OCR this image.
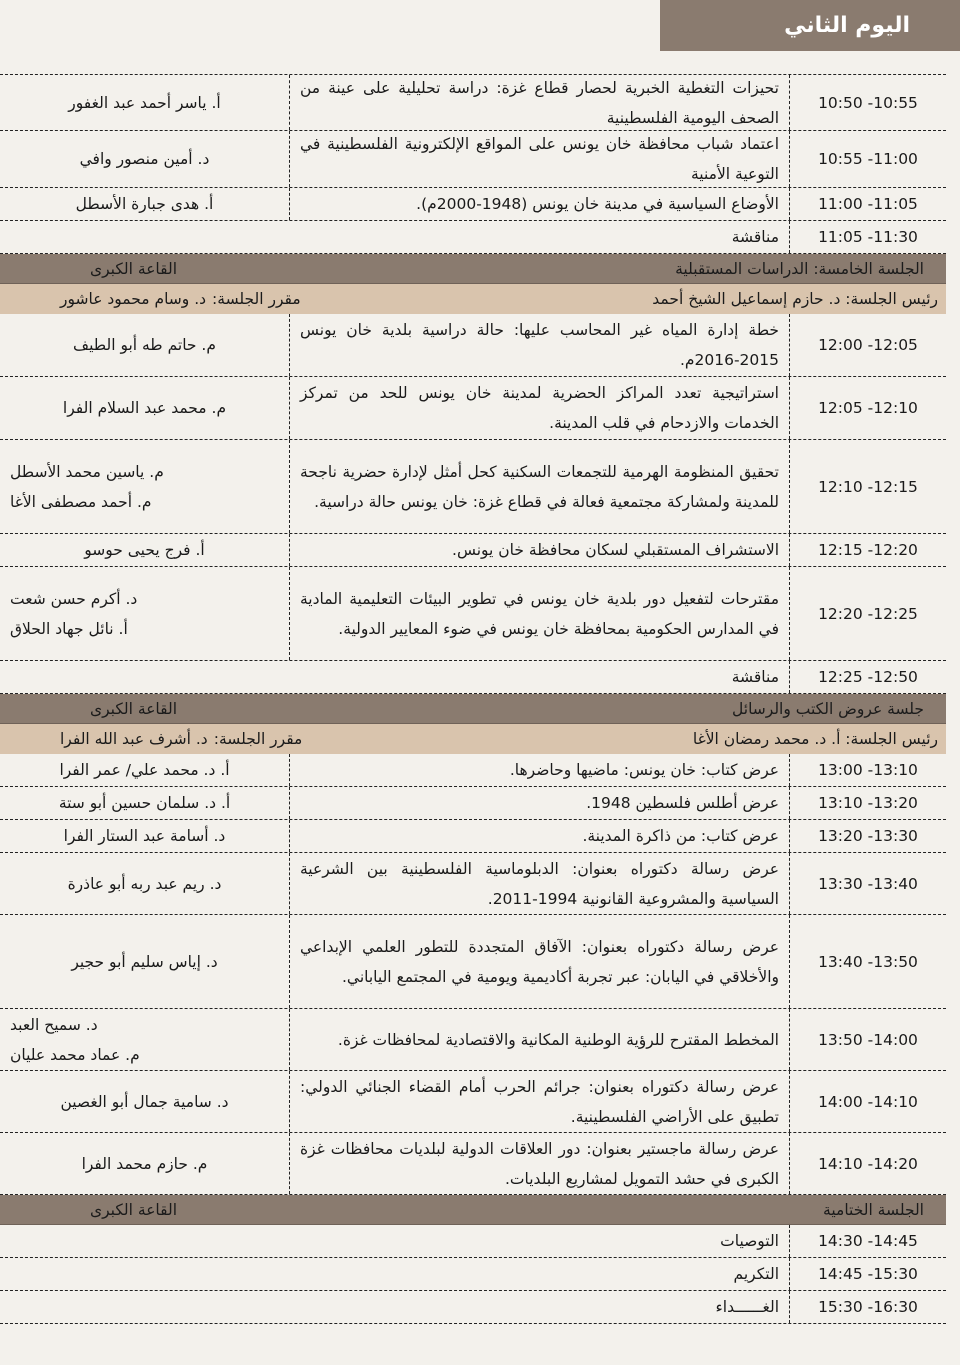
اليوم الثاني
10:50 -10:55
تحيزات التغطية الخبرية لحصار قطاع غزة: دراسة تحليلية على عينة من الصحف اليومية الفلسطينية
أ. ياسر أحمد عبد الغفور
10:55 -11:00
اعتماد شباب محافظة خان يونس على المواقع الإلكترونية الفلسطينية في التوعية الأمنية
د. أمين منصور وافي
11:00 -11:05
الأوضاع السياسية في مدينة خان يونس (1948-2000م).
أ. هدى جبارة الأسطل
11:05 -11:30
مناقشة
الجلسة الخامسة: الدراسات المستقبلية
القاعة الكبرى
رئيس الجلسة: د. حازم إسماعيل الشيخ أحمد
مقرر الجلسة:
د. وسام محمود عاشور
12:00 -12:05
خطة إدارة المياه غير المحاسب عليها: حالة دراسية بلدية خان يونس 2015-2016م.
م. حاتم طه أبو الطيف
12:05 -12:10
استراتيجية تعدد المراكز الحضرية لمدينة خان يونس للحد من تمركز الخدمات والازدحام في قلب المدينة.
م. محمد عبد السلام الفرا
12:10 -12:15
تحقيق المنظومة الهرمية للتجمعات السكنية كحل أمثل لإدارة حضرية ناجحة للمدينة ولمشاركة مجتمعية فعالة في قطاع غزة: خان يونس حالة دراسية.
م. ياسين محمد الأسطل
م. أحمد مصطفى الأغا
12:15 -12:20
الاستشراف المستقبلي لسكان محافظة خان يونس.
أ. فرج يحيى حوسو
12:20 -12:25
مقترحات لتفعيل دور بلدية خان يونس في تطوير البيئات التعليمية المادية في المدارس الحكومية بمحافظة خان يونس في ضوء المعايير الدولية.
د. أكرم حسن شعت
أ. نائل جهاد الحلاق
12:25 -12:50
مناقشة
جلسة عروض الكتب والرسائل
القاعة الكبرى
رئيس الجلسة: أ. د. محمد رمضان الأغا
مقرر الجلسة:
د. أشرف عبد الله الفرا
13:00 -13:10
عرض كتاب: خان يونس: ماضيها وحاضرها.
أ. د. محمد علي/ عمر الفرا
13:10 -13:20
عرض أطلس فلسطين 1948.
أ. د. سلمان حسين أبو ستة
13:20 -13:30
عرض كتاب: من ذاكرة المدينة.
د. أسامة عبد الستار الفرا
13:30 -13:40
عرض رسالة دكتوراه بعنوان: الدبلوماسية الفلسطينية بين الشرعية السياسية والمشروعية القانونية 1994-2011.
د. ريم عبد ربه أبو عاذرة
13:40 -13:50
عرض رسالة دكتوراه بعنوان: الآفاق المتجددة للتطور العلمي الإبداعي والأخلاقي في اليابان: عبر تجربة أكاديمية ويومية في المجتمع الياباني.
د. إياس سليم أبو حجير
13:50 -14:00
المخطط المقترح للرؤية الوطنية المكانية والاقتصادية لمحافظات غزة.
د. سميح العبد
م. عماد محمد عليان
14:00 -14:10
عرض رسالة دكتوراه بعنوان: جرائم الحرب أمام القضاء الجنائي الدولي: تطبيق على الأراضي الفلسطينية.
د. سامية جمال أبو الغصين
14:10 -14:20
عرض رسالة ماجستير بعنوان: دور العلاقات الدولية لبلديات محافظات غزة الكبرى في حشد التمويل لمشاريع البلديات.
م. حازم محمد الفرا
الجلسة الختامية
القاعة الكبرى
14:30 -14:45
التوصيات
14:45 -15:30
التكريم
15:30 -16:30
الغــــــداء
